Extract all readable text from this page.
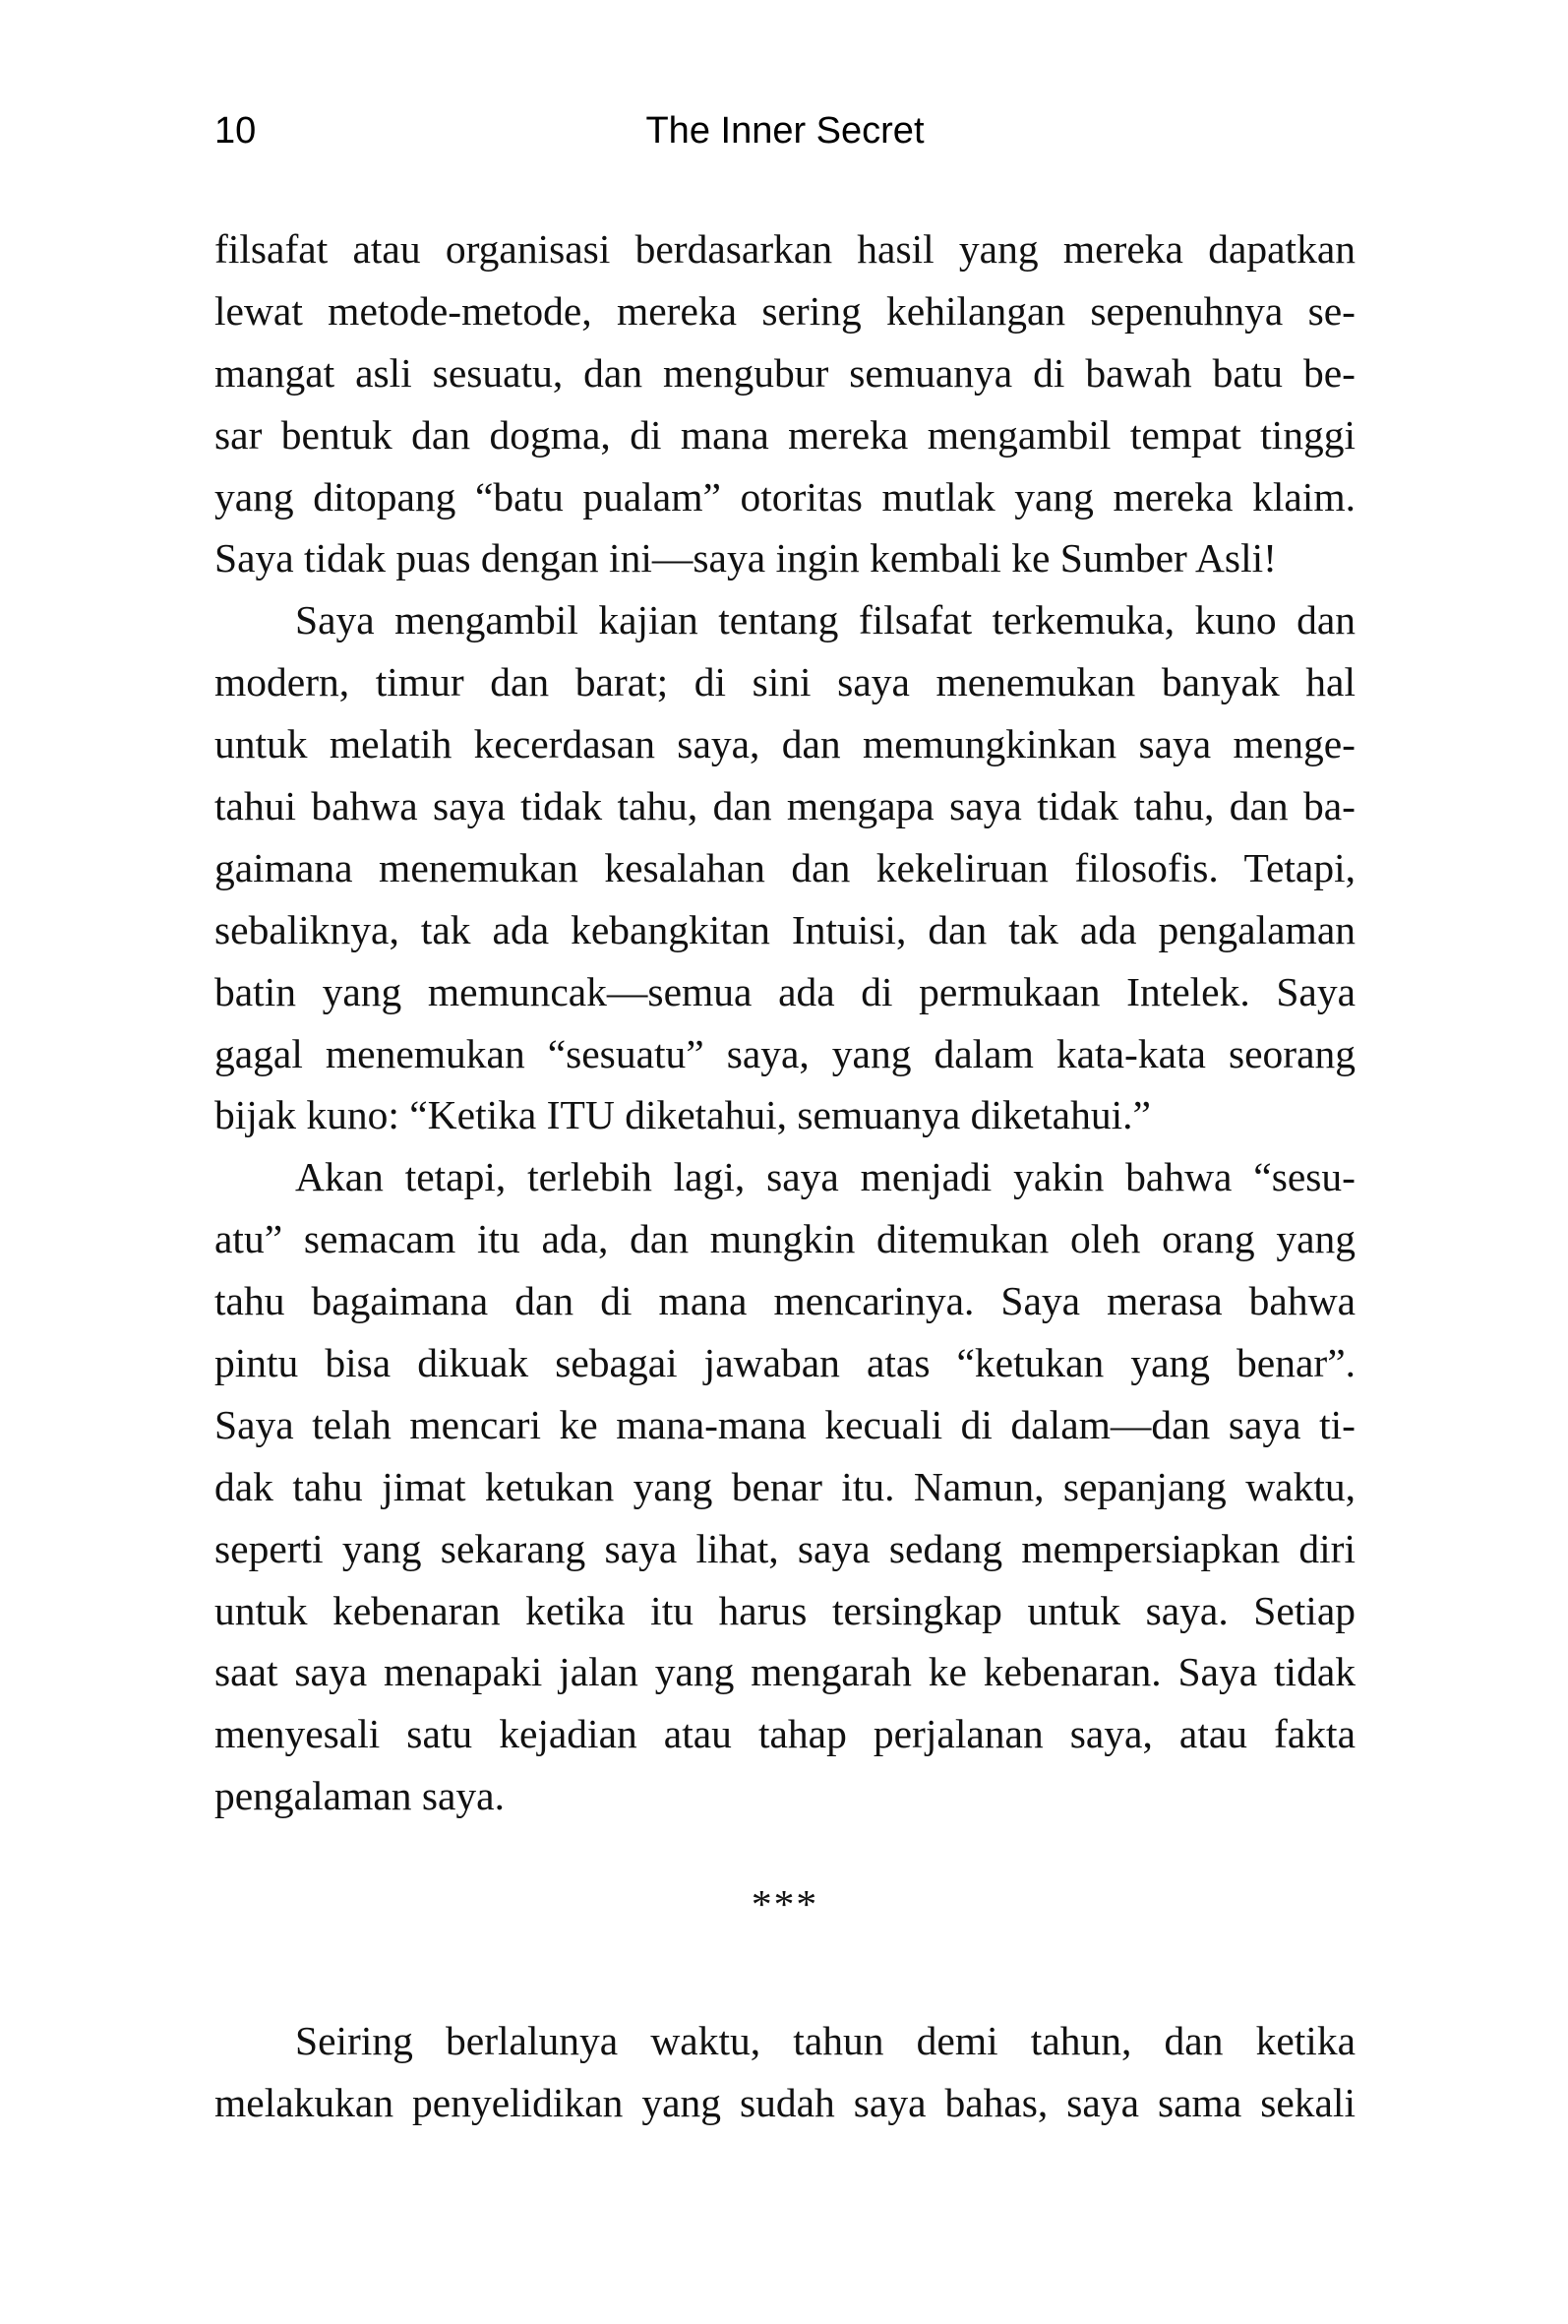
10	The Inner Secret
filsafat atau organisasi berdasarkan hasil yang mereka dapatkan
lewat metode-metode, mereka sering kehilangan sepenuhnya se-
mangat asli sesuatu, dan mengubur semuanya di bawah batu be-
sar bentuk dan dogma, di mana mereka mengambil tempat tinggi
yang ditopang “batu pualam” otoritas mutlak yang mereka klaim.
Saya tidak puas dengan ini—saya ingin kembali ke Sumber Asli!
Saya mengambil kajian tentang filsafat terkemuka, kuno dan
modern, timur dan barat; di sini saya menemukan banyak hal
untuk melatih kecerdasan saya, dan memungkinkan saya menge-
tahui bahwa saya tidak tahu, dan mengapa saya tidak tahu, dan ba-
gaimana menemukan kesalahan dan kekeliruan filosofis. Tetapi,
sebaliknya, tak ada kebangkitan Intuisi, dan tak ada pengalaman
batin yang memuncak—semua ada di permukaan Intelek. Saya
gagal menemukan “sesuatu” saya, yang dalam kata-kata seorang
bijak kuno: “Ketika ITU diketahui, semuanya diketahui.”
Akan tetapi, terlebih lagi, saya menjadi yakin bahwa “sesu-
atu” semacam itu ada, dan mungkin ditemukan oleh orang yang
tahu bagaimana dan di mana mencarinya. Saya merasa bahwa
pintu bisa dikuak sebagai jawaban atas “ketukan yang benar”.
Saya telah mencari ke mana-mana kecuali di dalam—dan saya ti-
dak tahu jimat ketukan yang benar itu. Namun, sepanjang waktu,
seperti yang sekarang saya lihat, saya sedang mempersiapkan diri
untuk kebenaran ketika itu harus tersingkap untuk saya. Setiap
saat saya menapaki jalan yang mengarah ke kebenaran. Saya tidak
menyesali satu kejadian atau tahap perjalanan saya, atau fakta
pengalaman saya.
***
Seiring berlalunya waktu, tahun demi tahun, dan ketika
melakukan penyelidikan yang sudah saya bahas, saya sama sekali
